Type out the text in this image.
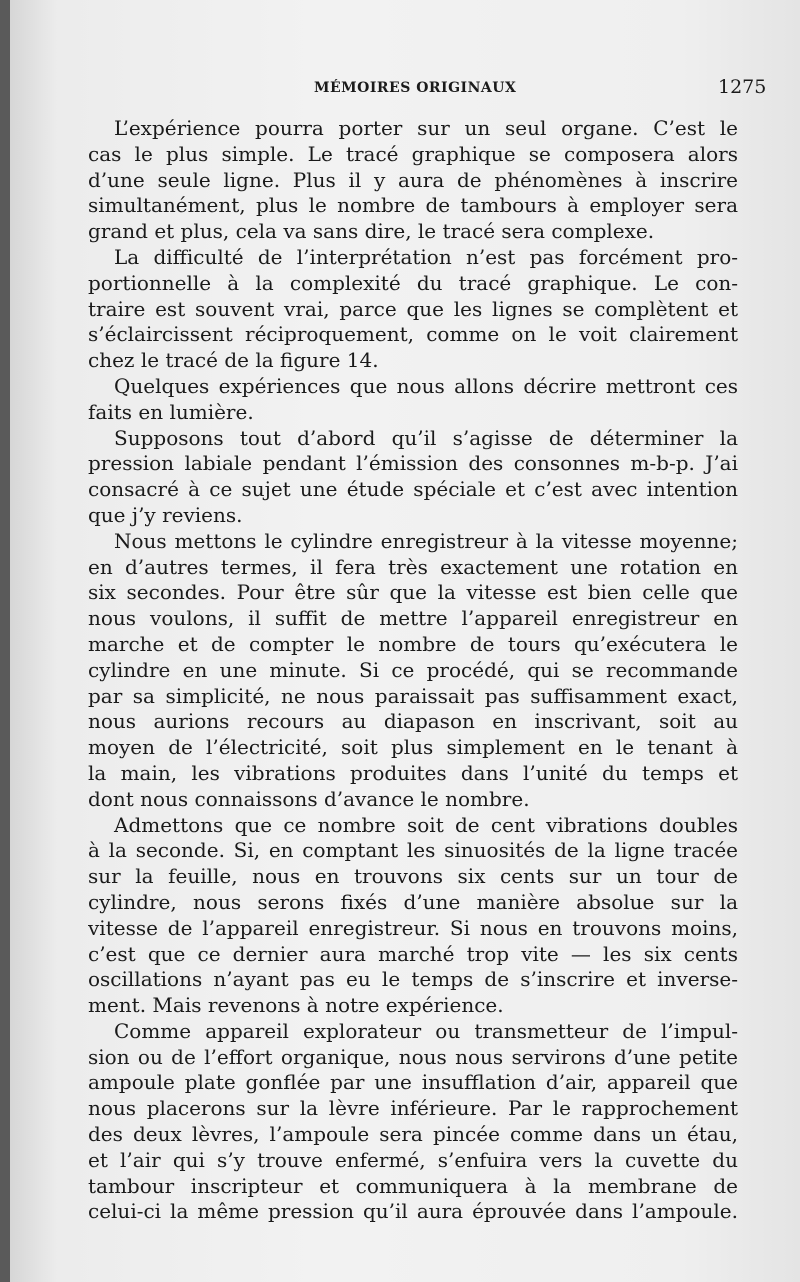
MÉMOIRES ORIGINAUX	1275
L’expérience pourra porter sur un seul organe. C’est le
cas le plus simple. Le tracé graphique se composera alors
d’une seule ligne. Plus il y aura de phénomènes à inscrire
simultanément, plus le nombre de tambours à employer sera
grand et plus, cela va sans dire, le tracé sera complexe.
La difficulté de l’interprétation n’est pas forcément pro-
portionnelle à la complexité du tracé graphique. Le con-
traire est souvent vrai, parce que les lignes se complètent et
s’éclaircissent réciproquement, comme on le voit clairement
chez le tracé de la figure 14.
Quelques expériences que nous allons décrire mettront ces
faits en lumière.
Supposons tout d’abord qu’il s’agisse de déterminer la
pression labiale pendant l’émission des consonnes m-b-p. J’ai
consacré à ce sujet une étude spéciale et c’est avec intention
que j’y reviens.
Nous mettons le cylindre enregistreur à la vitesse moyenne;
en d’autres termes, il fera très exactement une rotation en
six secondes. Pour être sûr que la vitesse est bien celle que
nous voulons, il suffit de mettre l’appareil enregistreur en
marche et de compter le nombre de tours qu’exécutera le
cylindre en une minute. Si ce procédé, qui se recommande
par sa simplicité, ne nous paraissait pas suffisamment exact,
nous aurions recours au diapason en inscrivant, soit au
moyen de l’électricité, soit plus simplement en le tenant à
la main, les vibrations produites dans l’unité du temps et
dont nous connaissons d’avance le nombre.
Admettons que ce nombre soit de cent vibrations doubles
à la seconde. Si, en comptant les sinuosités de la ligne tracée
sur la feuille, nous en trouvons six cents sur un tour de
cylindre, nous serons fixés d’une manière absolue sur la
vitesse de l’appareil enregistreur. Si nous en trouvons moins,
c’est que ce dernier aura marché trop vite — les six cents
oscillations n’ayant pas eu le temps de s’inscrire et inverse-
ment. Mais revenons à notre expérience.
Comme appareil explorateur ou transmetteur de l’impul-
sion ou de l’effort organique, nous nous servirons d’une petite
ampoule plate gonflée par une insufflation d’air, appareil que
nous placerons sur la lèvre inférieure. Par le rapprochement
des deux lèvres, l’ampoule sera pincée comme dans un étau,
et l’air qui s’y trouve enfermé, s’enfuira vers la cuvette du
tambour inscripteur et communiquera à la membrane de
celui-ci la même pression qu’il aura éprouvée dans l’ampoule.
